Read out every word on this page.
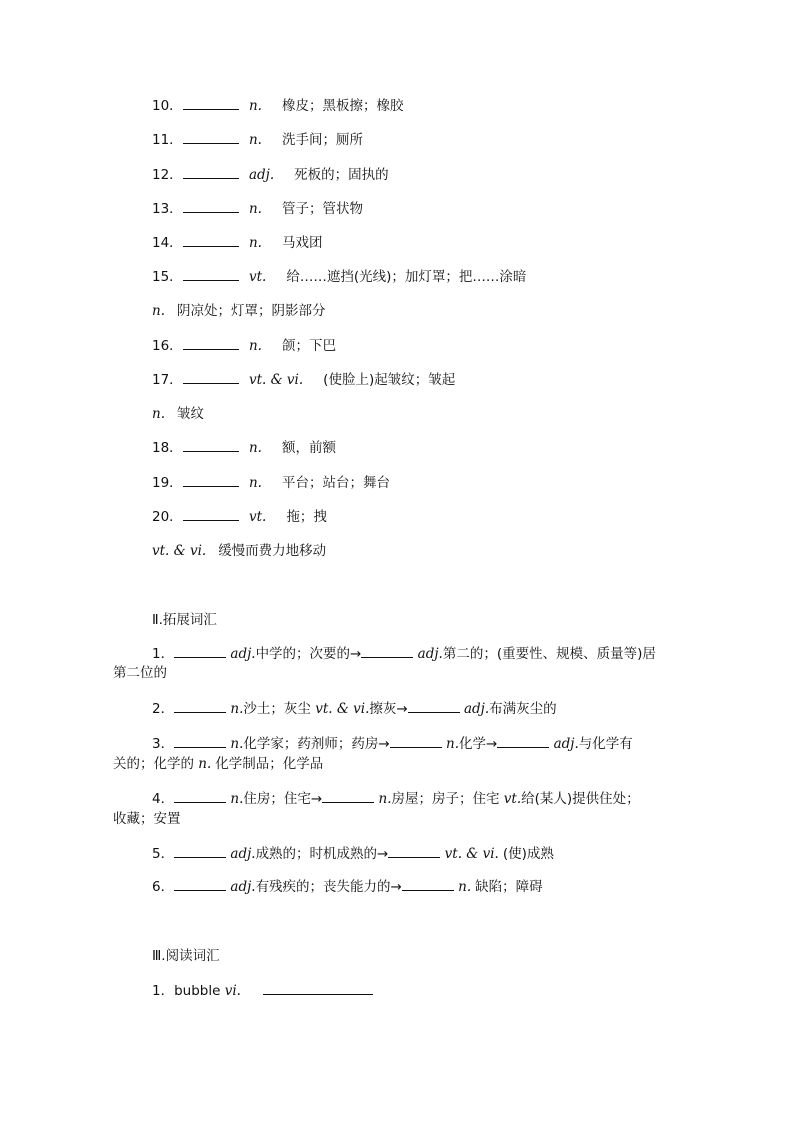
10．	n. 橡皮；黑板擦；橡胶
11．	n. 洗手间；厕所
12．	adj. 死板的；固执的
13．	n. 管子；管状物
14．	n. 马戏团
15．	vt. 给……遮挡(光线)；加灯罩；把……涂暗
n. 阴凉处；灯罩；阴影部分
16．	n. 颌；下巴
17．	vt. & vi. (使脸上)起皱纹；皱起
n. 皱纹
18．	n. 额，前额
19．	n. 平台；站台；舞台
20．	vt. 拖；拽
vt. & vi. 缓慢而费力地移动
Ⅱ.拓展词汇
1．	adj.中学的；次要的→	adj.第二的；(重要性、规模、质量等)居
第二位的
2．	n.沙土；灰尘 vt. & vi.擦灰→	adj.布满灰尘的
3．	n.化学家；药剂师；药房→	n.化学→	adj.与化学有
关的；化学的 n. 化学制品；化学品
4．	n.住房；住宅→	n.房屋；房子；住宅 vt.给(某人)提供住处；
收藏；安置
5．	adj.成熟的；时机成熟的→	vt. & vi. (使)成熟
6．	adj.有残疾的；丧失能力的→	n. 缺陷；障碍
Ⅲ.阅读词汇
1．bubble vi.
